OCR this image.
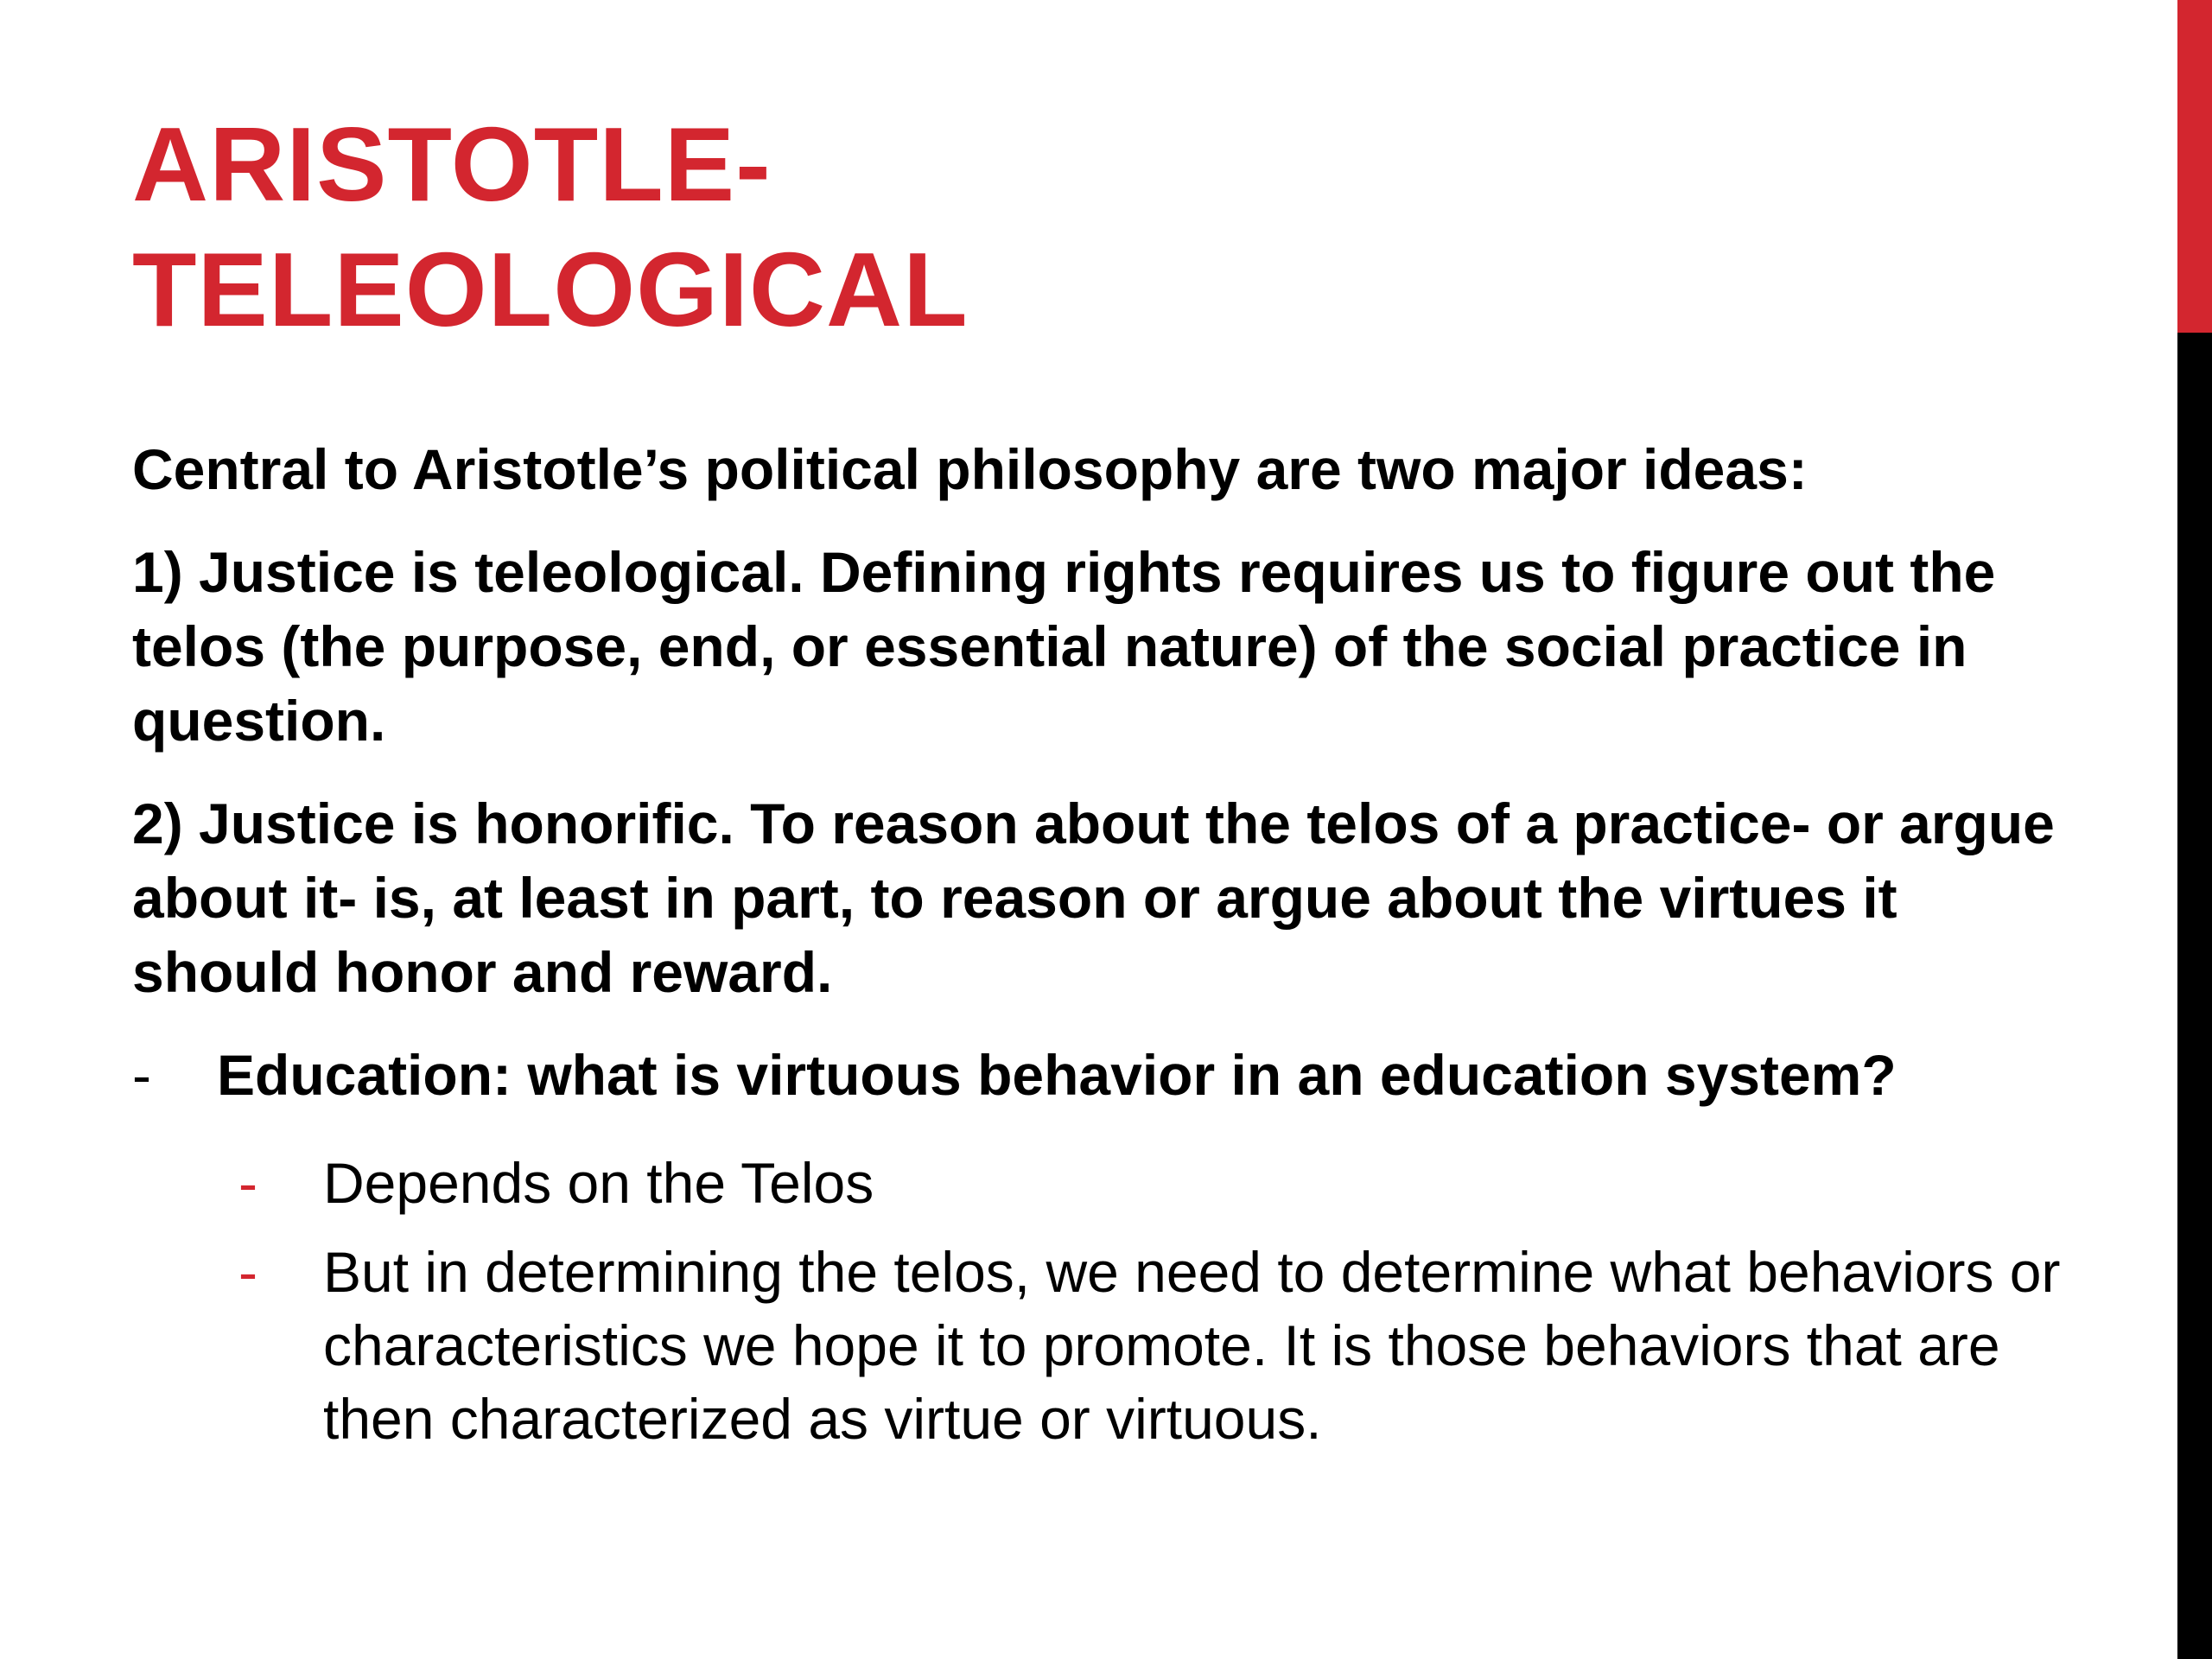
ARISTOTLE-
TELEOLOGICAL

Central to Aristotle’s political philosophy are two major ideas:

1) Justice is teleological. Defining rights requires us to figure out the telos (the purpose, end, or essential nature) of the social practice in question.

2) Justice is honorific. To reason about the telos of a practice- or argue about it- is, at least in part, to reason or argue about the virtues it should honor and reward.

- Education: what is virtuous behavior in an education system?
- Depends on the Telos
- But in determining the telos, we need to determine what behaviors or characteristics we hope it to promote. It is those behaviors that are then characterized as virtue or virtuous.
